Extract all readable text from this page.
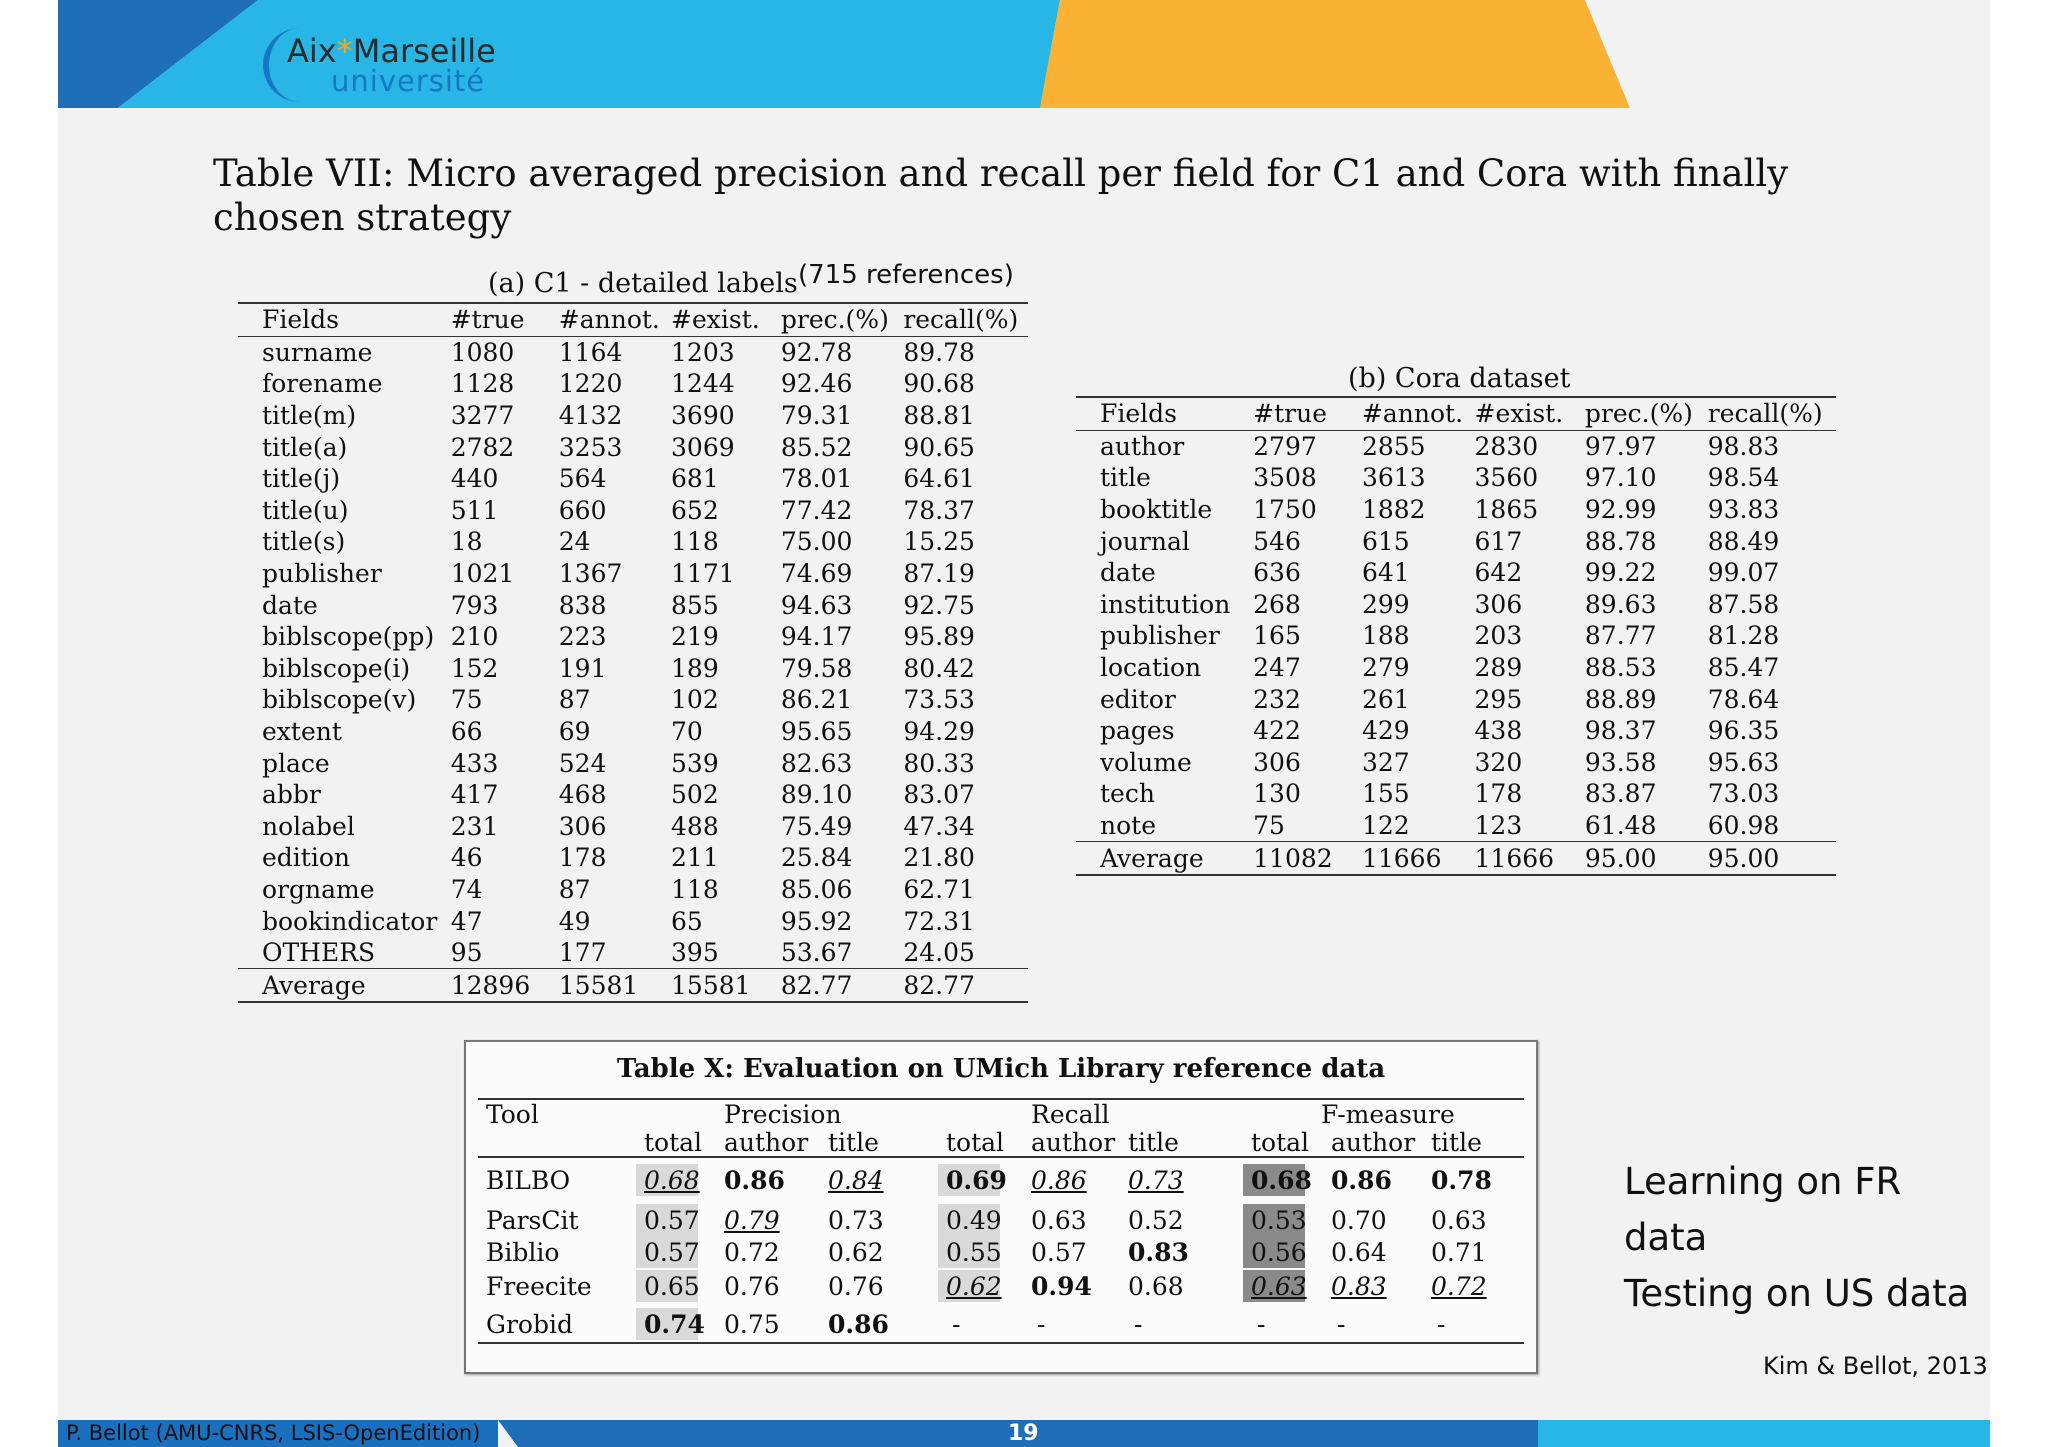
Aix*Marseille
université
Table VII: Micro averaged precision and recall per field for C1 and Cora with finally chosen strategy
(a) C1 - detailed labels (715 references)
Fields	#true	#annot.	#exist.	prec.(%)	recall(%)
surname	1080	1164	1203	92.78	89.78
forename	1128	1220	1244	92.46	90.68
title(m)	3277	4132	3690	79.31	88.81
title(a)	2782	3253	3069	85.52	90.65
title(j)	440	564	681	78.01	64.61
title(u)	511	660	652	77.42	78.37
title(s)	18	24	118	75.00	15.25
publisher	1021	1367	1171	74.69	87.19
date	793	838	855	94.63	92.75
biblscope(pp)	210	223	219	94.17	95.89
biblscope(i)	152	191	189	79.58	80.42
biblscope(v)	75	87	102	86.21	73.53
extent	66	69	70	95.65	94.29
place	433	524	539	82.63	80.33
abbr	417	468	502	89.10	83.07
nolabel	231	306	488	75.49	47.34
edition	46	178	211	25.84	21.80
orgname	74	87	118	85.06	62.71
bookindicator	47	49	65	95.92	72.31
OTHERS	95	177	395	53.67	24.05
Average	12896	15581	15581	82.77	82.77
(b) Cora dataset
Fields	#true	#annot.	#exist.	prec.(%)	recall(%)
author	2797	2855	2830	97.97	98.83
title	3508	3613	3560	97.10	98.54
booktitle	1750	1882	1865	92.99	93.83
journal	546	615	617	88.78	88.49
date	636	641	642	99.22	99.07
institution	268	299	306	89.63	87.58
publisher	165	188	203	87.77	81.28
location	247	279	289	88.53	85.47
editor	232	261	295	88.89	78.64
pages	422	429	438	98.37	96.35
volume	306	327	320	93.58	95.63
tech	130	155	178	83.87	73.03
note	75	122	123	61.48	60.98
Average	11082	11666	11666	95.00	95.00
Table X: Evaluation on UMich Library reference data
Tool	Precision	Recall	F-measure
total author title	total author title	total author title
BILBO	0.68 0.86 0.84 0.69 0.86 0.73	0.68 0.86 0.78
ParsCit	0.57 0.79 0.73 0.49 0.63 0.52	0.53 0.70 0.63
Biblio	0.57 0.72 0.62 0.55 0.57 0.83 0.56 0.64 0.71
Freecite 0.65 0.76 0.76 0.62 0.94 0.68	0.63 0.83 0.72
Grobid	0.74 0.75 0.86	-	-	-	-	-	-
Learning on FR data
Testing on US data
Kim & Bellot, 2013
P. Bellot (AMU-CNRS, LSIS-OpenEdition)	19
